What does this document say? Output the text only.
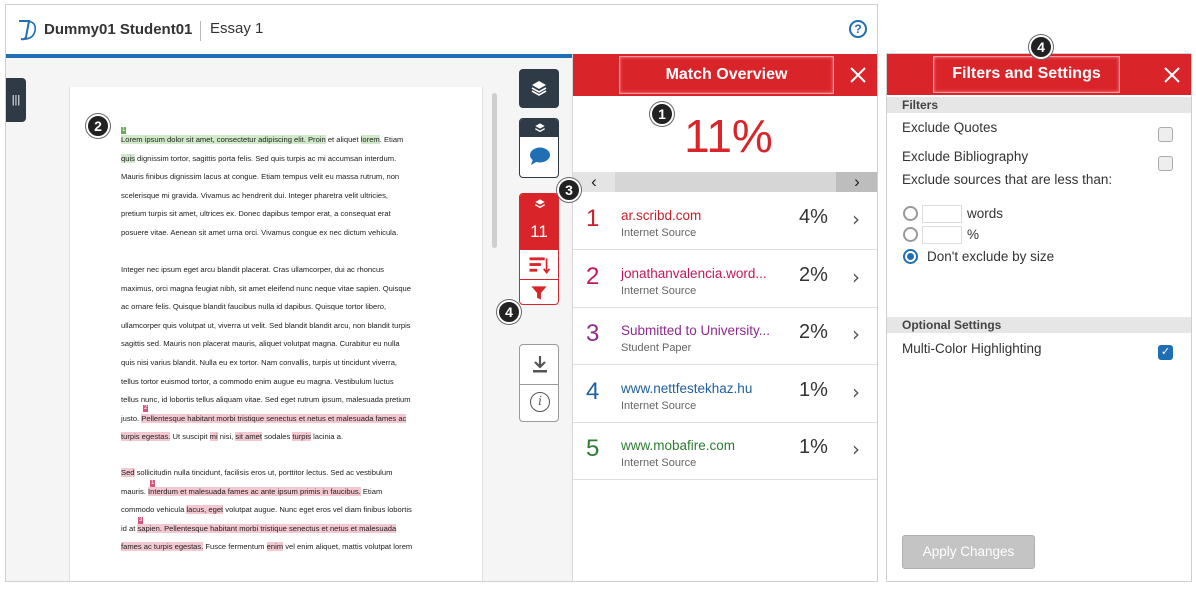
Dummy01 Student01 Essay 1	?
|||
Lorem ipsum dolor sit amet, consectetur adipiscing elit. Proin et aliquet lorem. Etiam
quis dignissim tortor, sagittis porta felis. Sed quis turpis ac mi accumsan interdum.
Mauris finibus dignissim lacus at congue. Etiam tempus velit eu massa rutrum, non
scelerisque mi gravida. Vivamus ac hendrerit dui. Integer pharetra velit ultricies,
pretium turpis sit amet, ultrices ex. Donec dapibus tempor erat, a consequat erat
posuere vitae. Aenean sit amet urna orci. Vivamus congue ex nec dictum vehicula.
Integer nec ipsum eget arcu blandit placerat. Cras ullamcorper, dui ac rhoncus
maximus, orci magna feugiat nibh, sit amet eleifend nunc neque vitae sapien. Quisque
ac ornare felis. Quisque blandit faucibus nulla id dapibus. Quisque tortor libero,
ullamcorper quis volutpat ut, viverra ut velit. Sed blandit blandit arcu, non blandit turpis
sagittis sed. Mauris non placerat mauris, aliquet volutpat magna. Curabitur eu nulla
quis nisi varius blandit. Nulla eu ex tortor. Nam convallis, turpis ut tincidunt viverra,
tellus tortor euismod tortor, a commodo enim augue eu magna. Vestibulum luctus
tellus nunc, id lobortis tellus aliquam vitae. Sed eget rutrum ipsum, malesuada pretium
justo. Pellentesque habitant morbi tristique senectus et netus et malesuada fames ac
turpis egestas. Ut suscipit mi nisi, sit amet sodales turpis lacinia a.
Sed sollicitudin nulla tincidunt, facilisis eros ut, porttitor lectus. Sed ac vestibulum
mauris. Interdum et malesuada fames ac ante ipsum primis in faucibus. Etiam
commodo vehicula lacus, eget volutpat augue. Nunc eget eros vel diam finibus lobortis
id at sapien. Pellentesque habitant morbi tristique senectus et netus et malesuada
fames ac turpis egestas. Fusce fermentum enim vel enim aliquet, mattis volutpat lorem
1
2
1
3
11
i
Match Overview
11%
‹	›
1 ar.scribd.com
Internet Source
4% ›
2 jonathanvalencia.word...
Internet Source
2% ›
3 Submitted to University...
Student Paper
2% ›
4 www.nettfestekhaz.hu
Internet Source
1% ›
5 www.mobafire.com
Internet Source
1% ›
Filters and Settings
Filters
Exclude Quotes
Exclude Bibliography
Exclude sources that are less than:
words
%
Don't exclude by size
Optional Settings
Multi-Color Highlighting	✓
Apply Changes
1
2
3
4
4
